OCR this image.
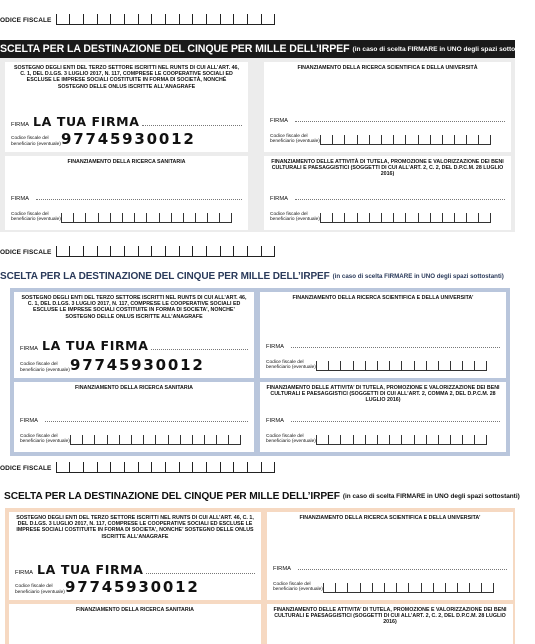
ODICE FISCALE
SCELTA PER LA DESTINAZIONE DEL CINQUE PER MILLE DELL’IRPEF (in caso di scelta FIRMARE in UNO degli spazi sottostanti)
SOSTEGNO DEGLI ENTI DEL TERZO SETTORE ISCRITTI NEL RUNTS DI CUI ALL’ART. 46, C. 1, DEL D.LGS. 3 LUGLIO 2017, N. 117, COMPRESE LE COOPERATIVE SOCIALI ED ESCLUSE LE IMPRESE SOCIALI COSTITUITE IN FORMA DI SOCIETÀ, NONCHÉ SOSTEGNO DELLE ONLUS ISCRITTE ALL’ANAGRAFE
FIRMA LA TUA FIRMA
Codice fiscale del beneficiario (eventuale) 97745930012
FINANZIAMENTO DELLA RICERCA SCIENTIFICA E DELLA UNIVERSITÀ
FIRMA
Codice fiscale del beneficiario (eventuale)
FINANZIAMENTO DELLA RICERCA SANITARIA
FIRMA
Codice fiscale del beneficiario (eventuale)
FINANZIAMENTO DELLE ATTIVITÀ DI TUTELA, PROMOZIONE E VALORIZZAZIONE DEI BENI CULTURALI E PAESAGGISTICI (SOGGETTI DI CUI ALL’ART. 2, C. 2, DEL D.P.C.M. 28 LUGLIO 2016)
FIRMA
Codice fiscale del beneficiario (eventuale)
ODICE FISCALE
SCELTA PER LA DESTINAZIONE DEL CINQUE PER MILLE DELL’IRPEF (in caso di scelta FIRMARE in UNO degli spazi sottostanti)
SOSTEGNO DEGLI ENTI DEL TERZO SETTORE ISCRITTI NEL RUNTS DI CUI ALL’ART. 46, C. 1, DEL D.LGS. 3 LUGLIO 2017, N. 117, COMPRESE LE COOPERATIVE SOCIALI ED ESCLUSE LE IMPRESE SOCIALI COSTITUITE IN FORMA DI SOCIETA’, NONCHE’ SOSTEGNO DELLE ONLUS ISCRITTE ALL’ANAGRAFE
FIRMA LA TUA FIRMA
Codice fiscale del beneficiario (eventuale) 97745930012
FINANZIAMENTO DELLA RICERCA SCIENTIFICA E DELLA UNIVERSITA’
FIRMA
Codice fiscale del beneficiario (eventuale)
FINANZIAMENTO DELLA RICERCA SANITARIA
FIRMA
Codice fiscale del beneficiario (eventuale)
FINANZIAMENTO DELLE ATTIVITA’ DI TUTELA, PROMOZIONE E VALORIZZAZIONE DEI BENI CULTURALI E PAESAGGISTICI (SOGGETTI DI CUI ALL’ART. 2, COMMA 2, DEL D.P.C.M. 28 LUGLIO 2016)
FIRMA
Codice fiscale del beneficiario (eventuale)
ODICE FISCALE
SCELTA PER LA DESTINAZIONE DEL CINQUE PER MILLE DELL’IRPEF (in caso di scelta FIRMARE in UNO degli spazi sottostanti)
SOSTEGNO DEGLI ENTI DEL TERZO SETTORE ISCRITTI NEL RUNTS DI CUI ALL’ART. 46, C. 1, DEL D.LGS. 3 LUGLIO 2017, N. 117, COMPRESE LE COOPERATIVE SOCIALI ED ESCLUSE LE IMPRESE SOCIALI COSTITUITE IN FORMA DI SOCIETA’, NONCHE’ SOSTEGNO DELLE ONLUS ISCRITTE ALL’ANAGRAFE
FIRMA LA TUA FIRMA
Codice fiscale del beneficiario (eventuale) 97745930012
FINANZIAMENTO DELLA RICERCA SCIENTIFICA E DELLA UNIVERSITA’
FIRMA
Codice fiscale del beneficiario (eventuale)
FINANZIAMENTO DELLA RICERCA SANITARIA	FINANZIAMENTO DELLE ATTIVITA’ DI TUTELA, PROMOZIONE E VALORIZZAZIONE DEI BENI CULTURALI E PAESAGGISTICI (SOGGETTI DI CUI ALL’ART. 2, C. 2, DEL D.P.C.M. 28 LUGLIO 2016)
